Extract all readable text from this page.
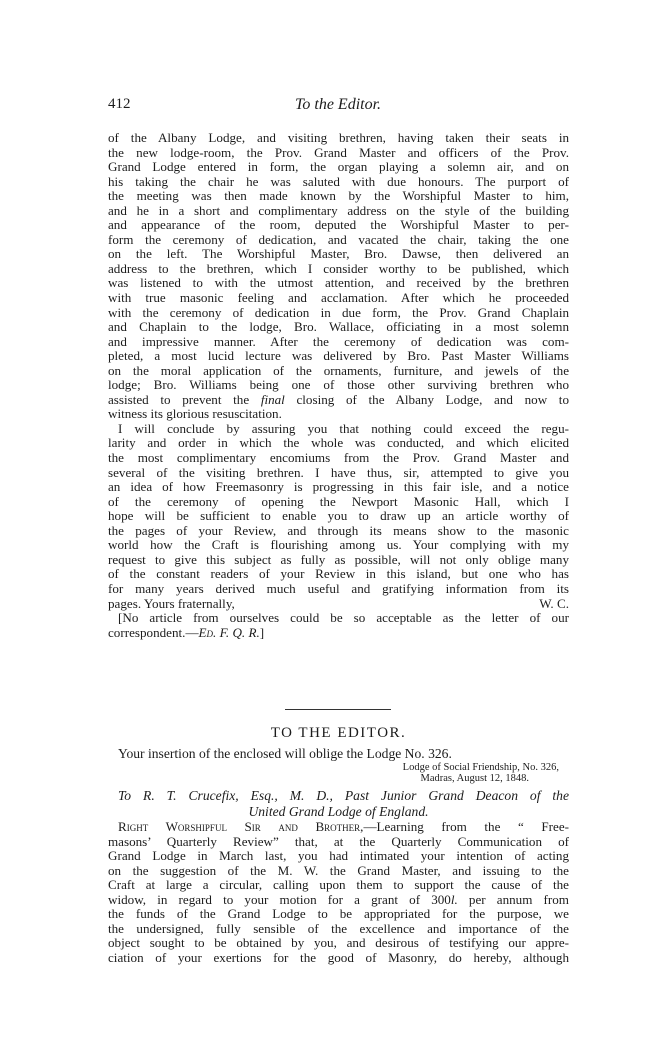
412	To the Editor.
of the Albany Lodge, and visiting brethren, having taken their seats in
the new lodge-room, the Prov. Grand Master and officers of the Prov.
Grand Lodge entered in form, the organ playing a solemn air, and on
his taking the chair he was saluted with due honours. The purport of
the meeting was then made known by the Worshipful Master to him,
and he in a short and complimentary address on the style of the building
and appearance of the room, deputed the Worshipful Master to per-
form the ceremony of dedication, and vacated the chair, taking the one
on the left. The Worshipful Master, Bro. Dawse, then delivered an
address to the brethren, which I consider worthy to be published, which
was listened to with the utmost attention, and received by the brethren
with true masonic feeling and acclamation. After which he proceeded
with the ceremony of dedication in due form, the Prov. Grand Chaplain
and Chaplain to the lodge, Bro. Wallace, officiating in a most solemn
and impressive manner. After the ceremony of dedication was com-
pleted, a most lucid lecture was delivered by Bro. Past Master Williams
on the moral application of the ornaments, furniture, and jewels of the
lodge; Bro. Williams being one of those other surviving brethren who
assisted to prevent the final closing of the Albany Lodge, and now to
witness its glorious resuscitation.
I will conclude by assuring you that nothing could exceed the regu-
larity and order in which the whole was conducted, and which elicited
the most complimentary encomiums from the Prov. Grand Master and
several of the visiting brethren. I have thus, sir, attempted to give you
an idea of how Freemasonry is progressing in this fair isle, and a notice
of the ceremony of opening the Newport Masonic Hall, which I
hope will be sufficient to enable you to draw up an article worthy of
the pages of your Review, and through its means show to the masonic
world how the Craft is flourishing among us. Your complying with my
request to give this subject as fully as possible, will not only oblige many
of the constant readers of your Review in this island, but one who has
for many years derived much useful and gratifying information from its
pages. Yours fraternally,	W. C.
[No article from ourselves could be so acceptable as the letter of our
correspondent.—Ed. F. Q. R.]
TO THE EDITOR.
Your insertion of the enclosed will oblige the Lodge No. 326.
Lodge of Social Friendship, No. 326,
Madras, August 12, 1848.
To R. T. Crucefix, Esq., M. D., Past Junior Grand Deacon of the
United Grand Lodge of England.
Right Worshipful Sir and Brother,—Learning from the “ Free-
masons’ Quarterly Review” that, at the Quarterly Communication of
Grand Lodge in March last, you had intimated your intention of acting
on the suggestion of the M. W. the Grand Master, and issuing to the
Craft at large a circular, calling upon them to support the cause of the
widow, in regard to your motion for a grant of 300l. per annum from
the funds of the Grand Lodge to be appropriated for the purpose, we
the undersigned, fully sensible of the excellence and importance of the
object sought to be obtained by you, and desirous of testifying our appre-
ciation of your exertions for the good of Masonry, do hereby, although
